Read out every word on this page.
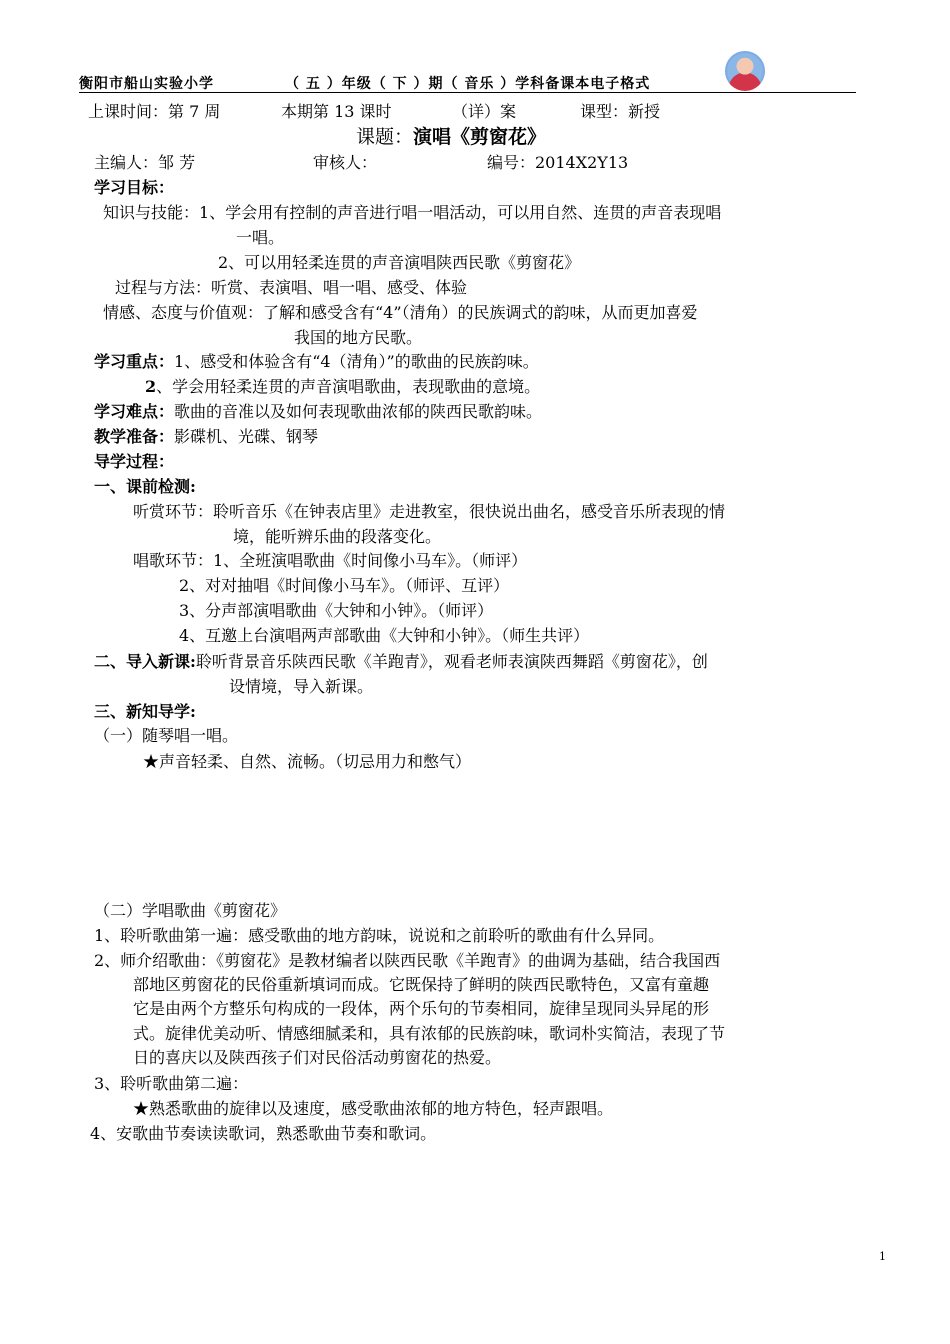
衡阳市船山实验小学	（ 五 ）年级（ 下 ）期（ 音乐 ）学科备课本电子格式
上课时间：第 7 周	本期第 13 课时	（详）案	课型：新授
课题：演唱《剪窗花》
主编人：邹 芳	审核人：	编号：2014X2Y13
学习目标：
知识与技能：1、学会用有控制的声音进行唱一唱活动，可以用自然、连贯的声音表现唱
一唱。
2、可以用轻柔连贯的声音演唱陕西民歌《剪窗花》
过程与方法：听赏、表演唱、唱一唱、感受、体验
情感、态度与价值观：了解和感受含有“4”（清角）的民族调式的韵味，从而更加喜爱
我国的地方民歌。
学习重点：1、感受和体验含有“4（清角）”的歌曲的民族韵味。
2、学会用轻柔连贯的声音演唱歌曲，表现歌曲的意境。
学习难点：歌曲的音准以及如何表现歌曲浓郁的陕西民歌韵味。
教学准备：影碟机、光碟、钢琴
导学过程：
一、课前检测:
听赏环节：聆听音乐《在钟表店里》走进教室，很快说出曲名，感受音乐所表现的情
境，能听辨乐曲的段落变化。
唱歌环节：1、全班演唱歌曲《时间像小马车》。（师评）
2、对对抽唱《时间像小马车》。（师评、互评）
3、分声部演唱歌曲《大钟和小钟》。（师评）
4、互邀上台演唱两声部歌曲《大钟和小钟》。（师生共评）
二、导入新课:聆听背景音乐陕西民歌《羊跑青》，观看老师表演陕西舞蹈《剪窗花》，创
设情境，导入新课。
三、新知导学:
（一）随琴唱一唱。
★声音轻柔、自然、流畅。（切忌用力和憋气）
（二）学唱歌曲《剪窗花》
1、聆听歌曲第一遍：感受歌曲的地方韵味，说说和之前聆听的歌曲有什么异同。
2、师介绍歌曲：《剪窗花》是教材编者以陕西民歌《羊跑青》的曲调为基础，结合我国西
部地区剪窗花的民俗重新填词而成。它既保持了鲜明的陕西民歌特色，又富有童趣
它是由两个方整乐句构成的一段体，两个乐句的节奏相同，旋律呈现同头异尾的形
式。旋律优美动听、情感细腻柔和，具有浓郁的民族韵味，歌词朴实简洁，表现了节
日的喜庆以及陕西孩子们对民俗活动剪窗花的热爱。
3、聆听歌曲第二遍：
★熟悉歌曲的旋律以及速度，感受歌曲浓郁的地方特色，轻声跟唱。
4、安歌曲节奏读读歌词，熟悉歌曲节奏和歌词。
1
